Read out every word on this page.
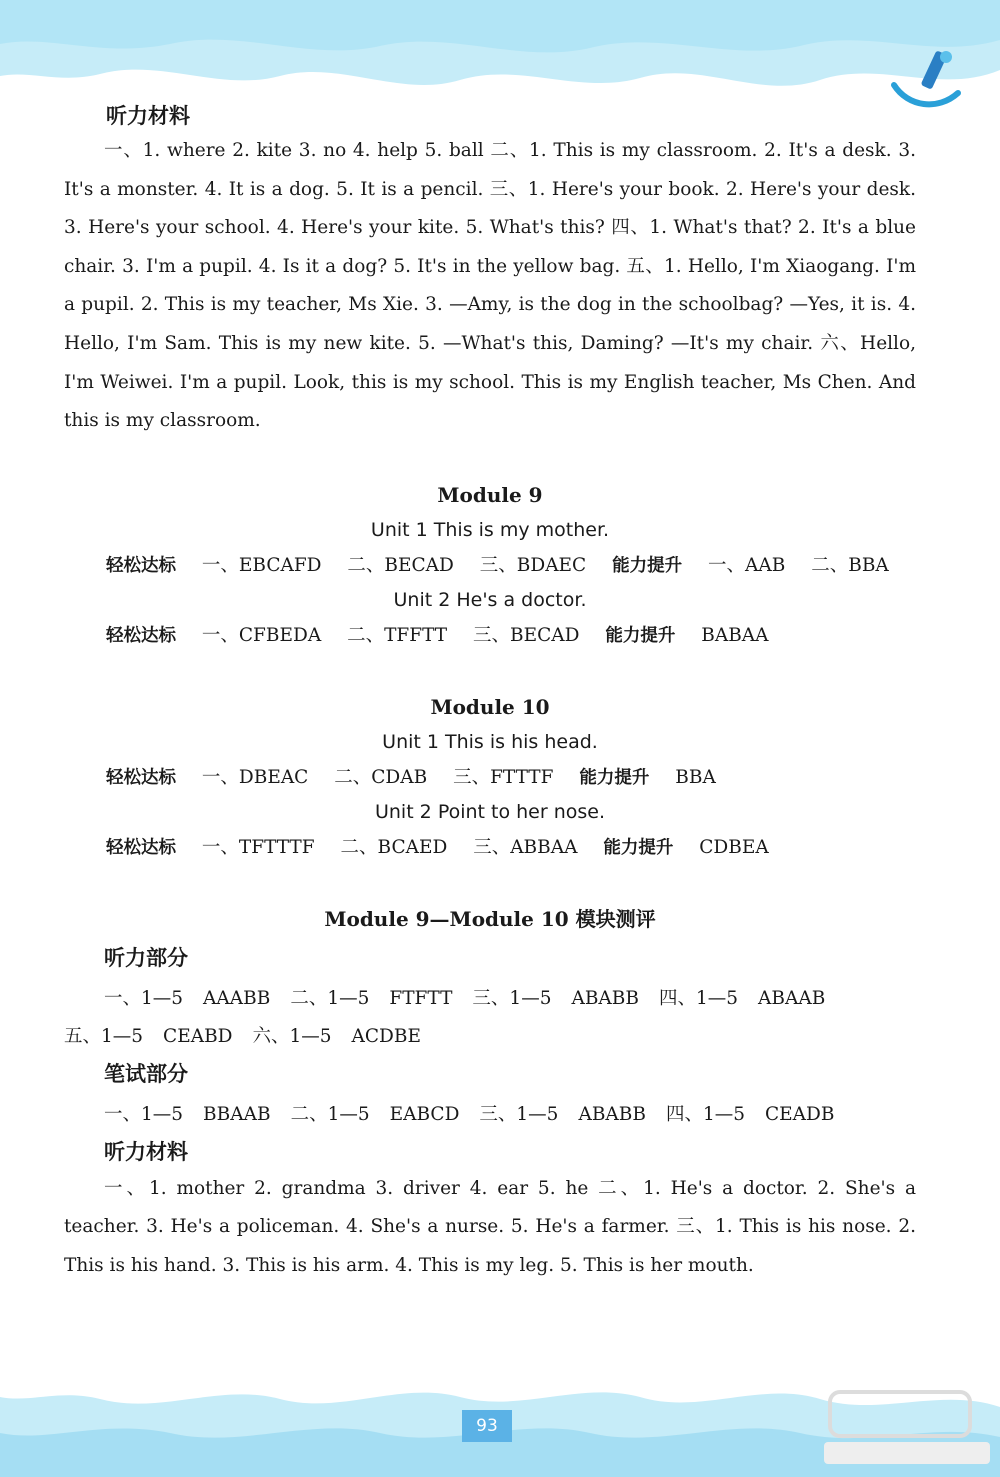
听力材料

一、1. where 2. kite 3. no 4. help 5. ball 二、1. This is my classroom. 2. It's a desk. 3. It's a monster. 4. It is a dog. 5. It is a pencil. 三、1. Here's your book. 2. Here's your desk. 3. Here's your school. 4. Here's your kite. 5. What's this? 四、1. What's that? 2. It's a blue chair. 3. I'm a pupil. 4. Is it a dog? 5. It's in the yellow bag. 五、1. Hello, I'm Xiaogang. I'm a pupil. 2. This is my teacher, Ms Xie. 3. —Amy, is the dog in the schoolbag? —Yes, it is. 4. Hello, I'm Sam. This is my new kite. 5. —What's this, Daming? —It's my chair. 六、Hello, I'm Weiwei. I'm a pupil. Look, this is my school. This is my English teacher, Ms Chen. And this is my classroom.

Module 9

Unit 1 This is my mother.

轻松达标 一、EBCAFD 二、BECAD 三、BDAEC 能力提升 一、AAB 二、BBA

Unit 2 He's a doctor.

轻松达标 一、CFBEDA 二、TFFTT 三、BECAD 能力提升 BABAA

Module 10

Unit 1 This is his head.

轻松达标 一、DBEAC 二、CDAB 三、FTTTF 能力提升 BBA

Unit 2 Point to her nose.

轻松达标 一、TFTTTF 二、BCAED 三、ABBAA 能力提升 CDBEA

Module 9—Module 10 模块测评

听力部分

一、1—5 AAABB 二、1—5 FTFTT 三、1—5 ABABB 四、1—5 ABAAB

五、1—5 CEABD 六、1—5 ACDBE

笔试部分

一、1—5 BBAAB 二、1—5 EABCD 三、1—5 ABABB 四、1—5 CEADB

听力材料

一、1. mother 2. grandma 3. driver 4. ear 5. he 二、1. He's a doctor. 2. She's a teacher. 3. He's a policeman. 4. She's a nurse. 5. He's a farmer. 三、1. This is his nose. 2. This is his hand. 3. This is his arm. 4. This is my leg. 5. This is her mouth.

93
